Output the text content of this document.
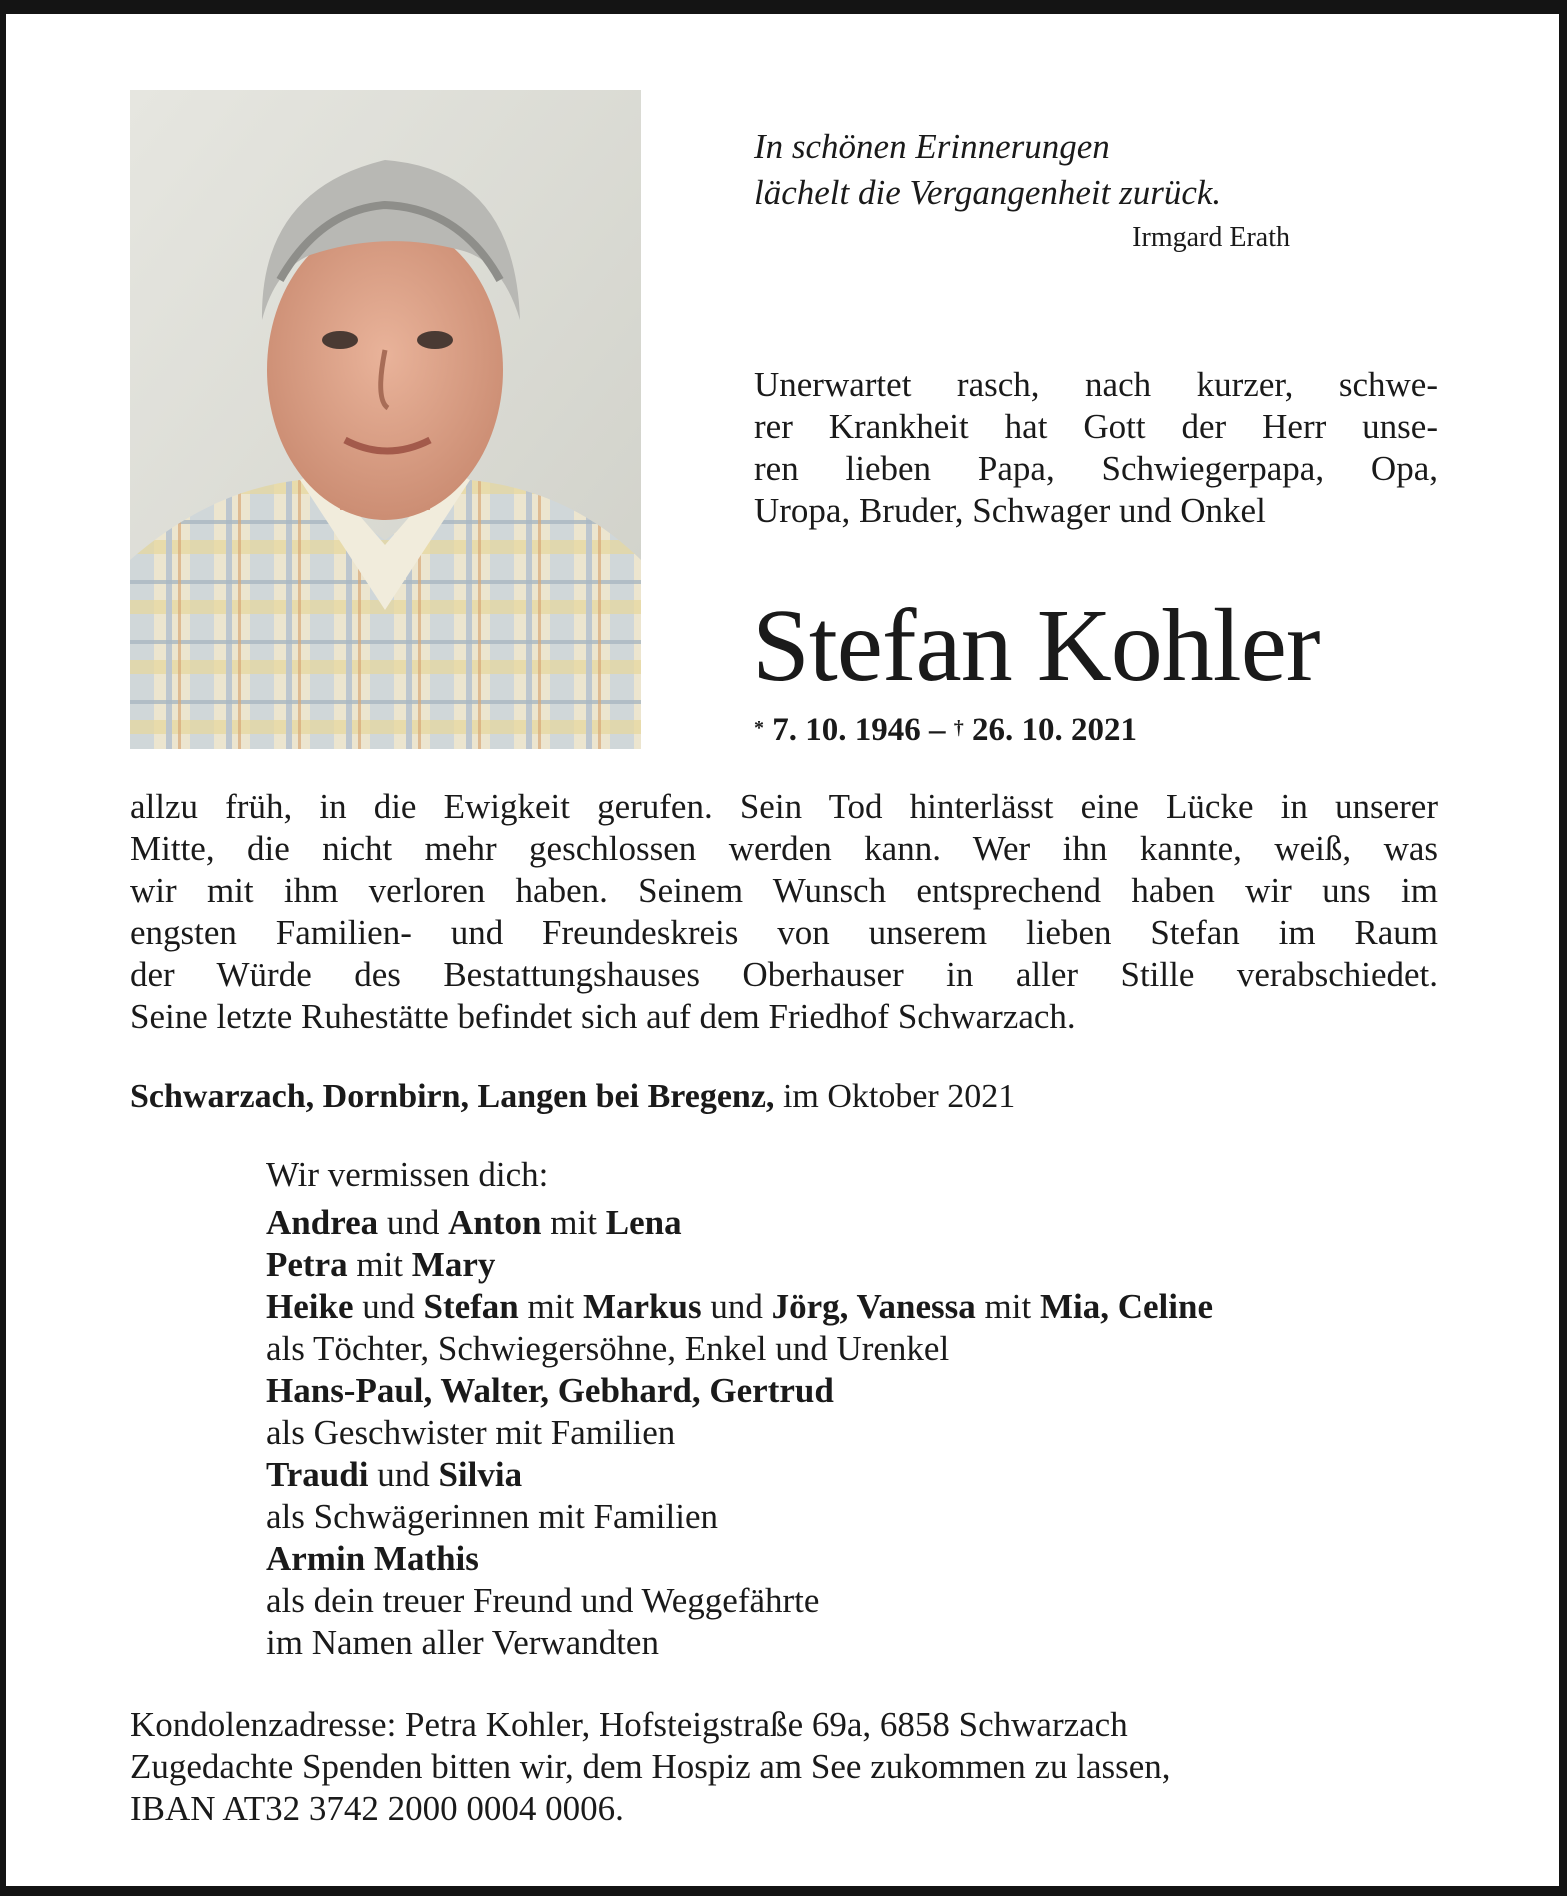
In schönen Erinnerungen
lächelt die Vergangenheit zurück.
Irmgard Erath
Unerwartet rasch, nach kurzer, schwe-
rer Krankheit hat Gott der Herr unse-
ren lieben Papa, Schwiegerpapa, Opa,
Uropa, Bruder, Schwager und Onkel
Stefan Kohler
* 7. 10. 1946 – † 26. 10. 2021
allzu früh, in die Ewigkeit gerufen. Sein Tod hinterlässt eine Lücke in unserer
Mitte, die nicht mehr geschlossen werden kann. Wer ihn kannte, weiß, was
wir mit ihm verloren haben. Seinem Wunsch entsprechend haben wir uns im
engsten Familien- und Freundeskreis von unserem lieben Stefan im Raum
der Würde des Bestattungshauses Oberhauser in aller Stille verabschiedet.
Seine letzte Ruhestätte befindet sich auf dem Friedhof Schwarzach.
Schwarzach, Dornbirn, Langen bei Bregenz, im Oktober 2021
Wir vermissen dich:
Andrea und Anton mit Lena
Petra mit Mary
Heike und Stefan mit Markus und Jörg, Vanessa mit Mia, Celine
als Töchter, Schwiegersöhne, Enkel und Urenkel
Hans-Paul, Walter, Gebhard, Gertrud
als Geschwister mit Familien
Traudi und Silvia
als Schwägerinnen mit Familien
Armin Mathis
als dein treuer Freund und Weggefährte
im Namen aller Verwandten
Kondolenzadresse: Petra Kohler, Hofsteigstraße 69a, 6858 Schwarzach
Zugedachte Spenden bitten wir, dem Hospiz am See zukommen zu lassen,
IBAN AT32 3742 2000 0004 0006.
